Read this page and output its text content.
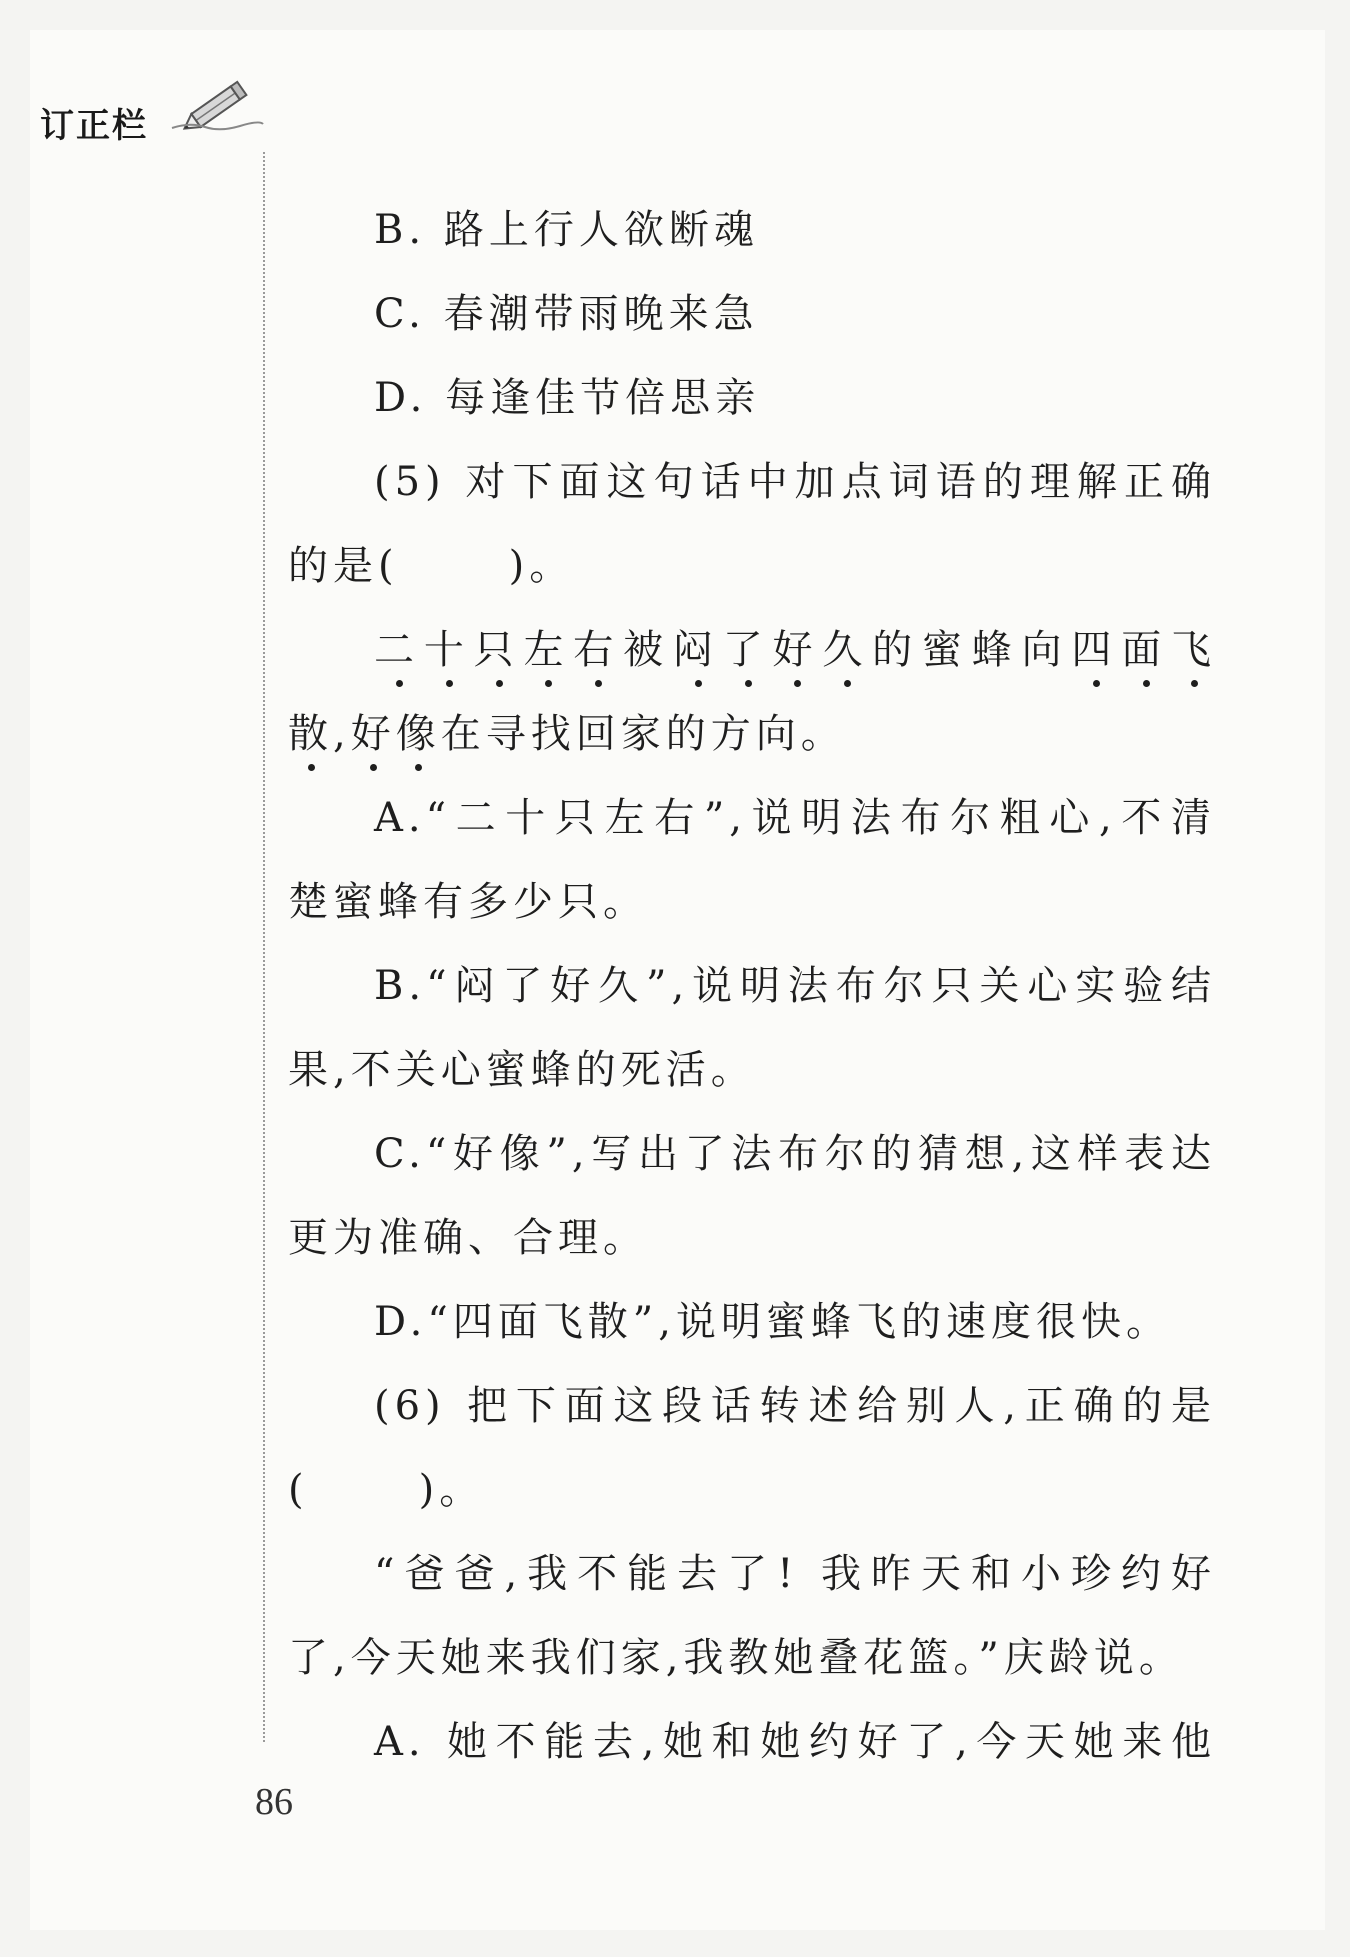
订正栏
B. 路上行人欲断魂
C. 春潮带雨晚来急
D. 每逢佳节倍思亲
(5) 对下面这句话中加点词语的理解正确
的是(	)。
二十只左右被闷了好久的蜜蜂向四面飞
散,好像在寻找回家的方向。
A.“二十只左右”,说明法布尔粗心,不清
楚蜜蜂有多少只。
B.“闷了好久”,说明法布尔只关心实验结
果,不关心蜜蜂的死活。
C.“好像”,写出了法布尔的猜想,这样表达
更为准确、合理。
D.“四面飞散”,说明蜜蜂飞的速度很快。
(6) 把下面这段话转述给别人,正确的是
(	)。
“爸爸,我不能去了! 我昨天和小珍约好
了,今天她来我们家,我教她叠花篮。”庆龄说。
A. 她不能去,她和她约好了,今天她来他
86
